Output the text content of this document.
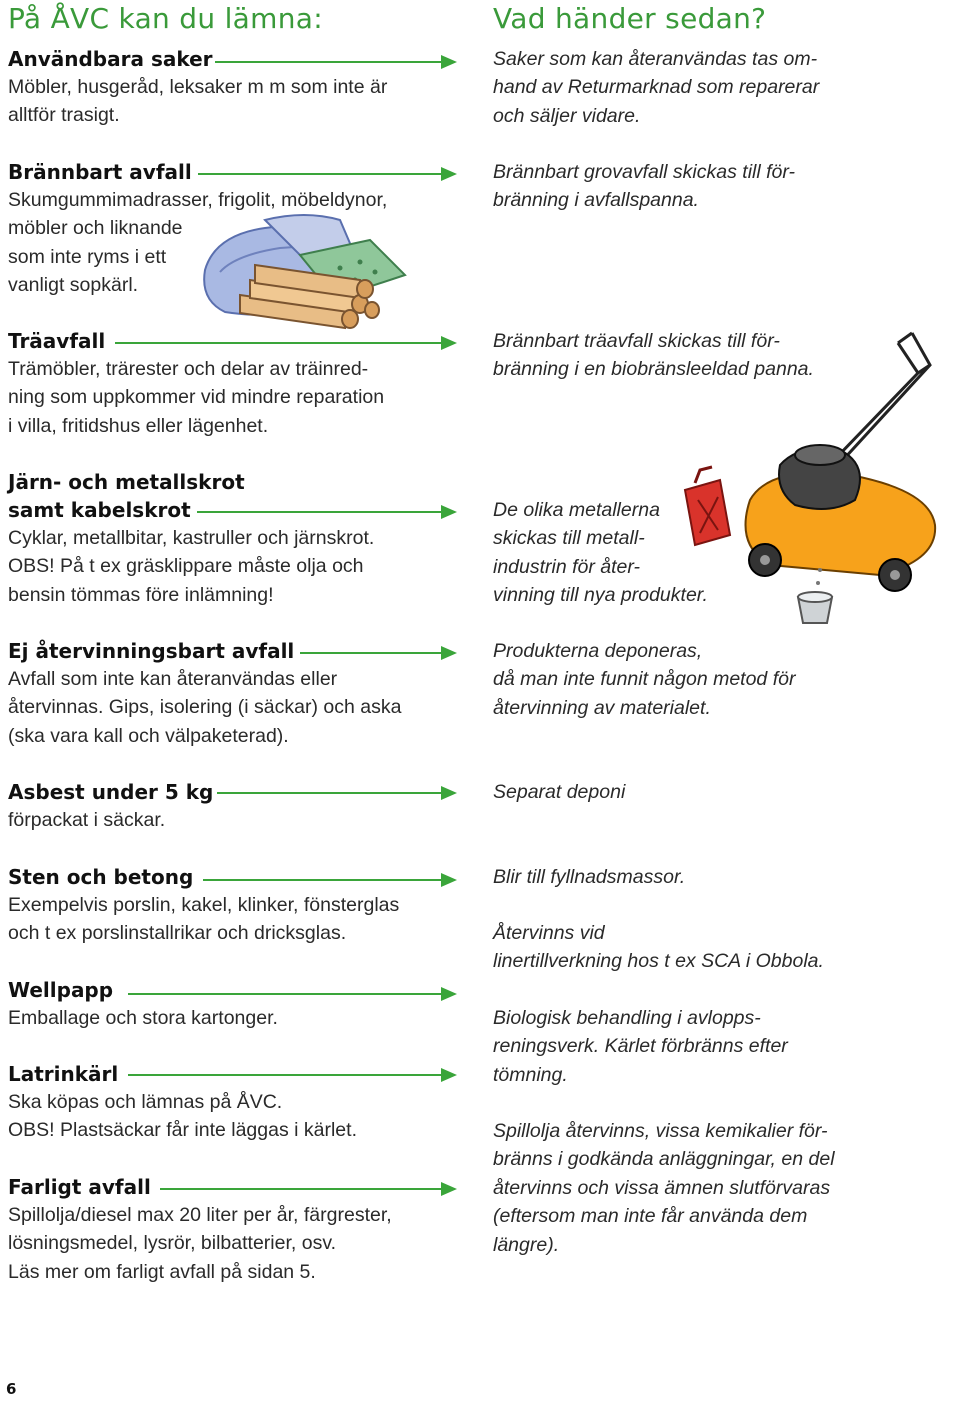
På ÅVC kan du lämna:	Vad händer sedan?
Användbara saker
Möbler, husgeråd, leksaker m m som inte är
alltför trasigt.
Saker som kan återanvändas tas om-
hand av Returmarknad som reparerar
och säljer vidare.
Brännbart avfall
Skumgummimadrasser, frigolit, möbeldynor,
möbler och liknande
som inte ryms i ett
vanligt sopkärl.
Brännbart grovavfall skickas till för-
bränning i avfallspanna.
Träavfall
Trämöbler, trärester och delar av träinred-
ning som uppkommer vid mindre reparation
i villa, fritidshus eller lägenhet.
Brännbart träavfall skickas till för-
bränning i en biobränsleeldad panna.
Järn- och metallskrot
samt kabelskrot
Cyklar, metallbitar, kastruller och järnskrot.
OBS! På t ex gräsklippare måste olja och
bensin tömmas före inlämning!
De olika metallerna
skickas till metall-
industrin för åter-
vinning till nya produkter.
Ej återvinningsbart avfall
Avfall som inte kan återanvändas eller
återvinnas. Gips, isolering (i säckar) och aska
(ska vara kall och välpaketerad).
Produkterna deponeras,
då man inte funnit någon metod för
återvinning av materialet.
Asbest under 5 kg
förpackat i säckar.
Separat deponi
Sten och betong
Exempelvis porslin, kakel, klinker, fönsterglas
och t ex porslinstallrikar och dricksglas.
Blir till fyllnadsmassor.
Wellpapp
Emballage och stora kartonger.
Återvinns vid
linertillverkning hos t ex SCA i Obbola.
Latrinkärl
Ska köpas och lämnas på ÅVC.
OBS! Plastsäckar får inte läggas i kärlet.
Biologisk behandling i avlopps-
reningsverk. Kärlet förbränns efter
tömning.
Farligt avfall
Spillolja/diesel max 20 liter per år, färgrester,
lösningsmedel, lysrör, bilbatterier, osv.
Läs mer om farligt avfall på sidan 5.
Spillolja återvinns, vissa kemikalier för-
bränns i godkända anläggningar, en del
återvinns och vissa ämnen slutförvaras
(eftersom man inte får använda dem
längre).
6
